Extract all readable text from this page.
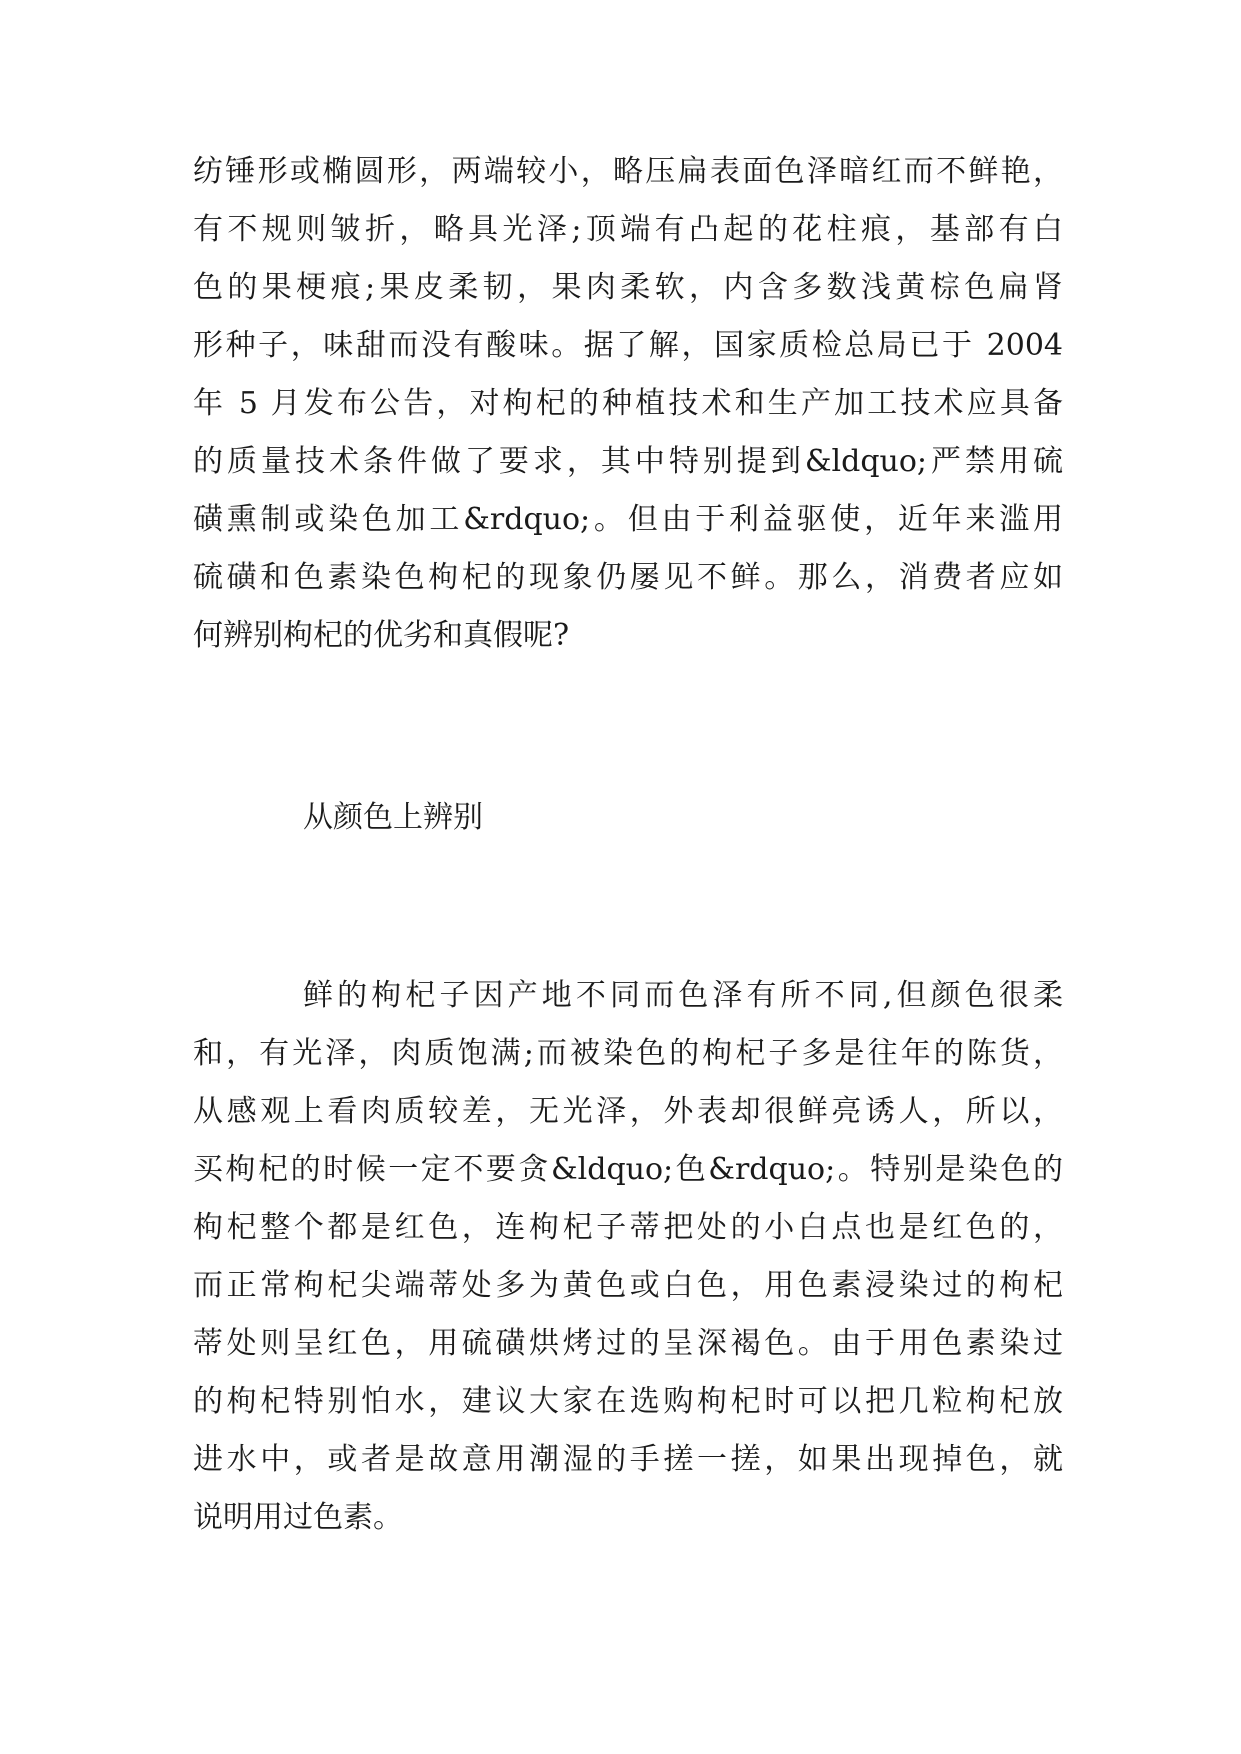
纺锤形或椭圆形，两端较小，略压扁表面色泽暗红而不鲜艳，

有不规则皱折，略具光泽;顶端有凸起的花柱痕，基部有白

色的果梗痕;果皮柔韧，果肉柔软，内含多数浅黄棕色扁肾

形种子，味甜而没有酸味。据了解，国家质检总局已于 2004

年 5 月发布公告，对枸杞的种植技术和生产加工技术应具备

的质量技术条件做了要求，其中特别提到&ldquo;严禁用硫

磺熏制或染色加工&rdquo;。但由于利益驱使，近年来滥用

硫磺和色素染色枸杞的现象仍屡见不鲜。那么，消费者应如

何辨别枸杞的优劣和真假呢?

从颜色上辨别

鲜的枸杞子因产地不同而色泽有所不同,但颜色很柔

和，有光泽，肉质饱满;而被染色的枸杞子多是往年的陈货，

从感观上看肉质较差，无光泽，外表却很鲜亮诱人，所以，

买枸杞的时候一定不要贪&ldquo;色&rdquo;。特别是染色的

枸杞整个都是红色，连枸杞子蒂把处的小白点也是红色的，

而正常枸杞尖端蒂处多为黄色或白色，用色素浸染过的枸杞

蒂处则呈红色，用硫磺烘烤过的呈深褐色。由于用色素染过

的枸杞特别怕水，建议大家在选购枸杞时可以把几粒枸杞放

进水中，或者是故意用潮湿的手搓一搓，如果出现掉色，就

说明用过色素。
